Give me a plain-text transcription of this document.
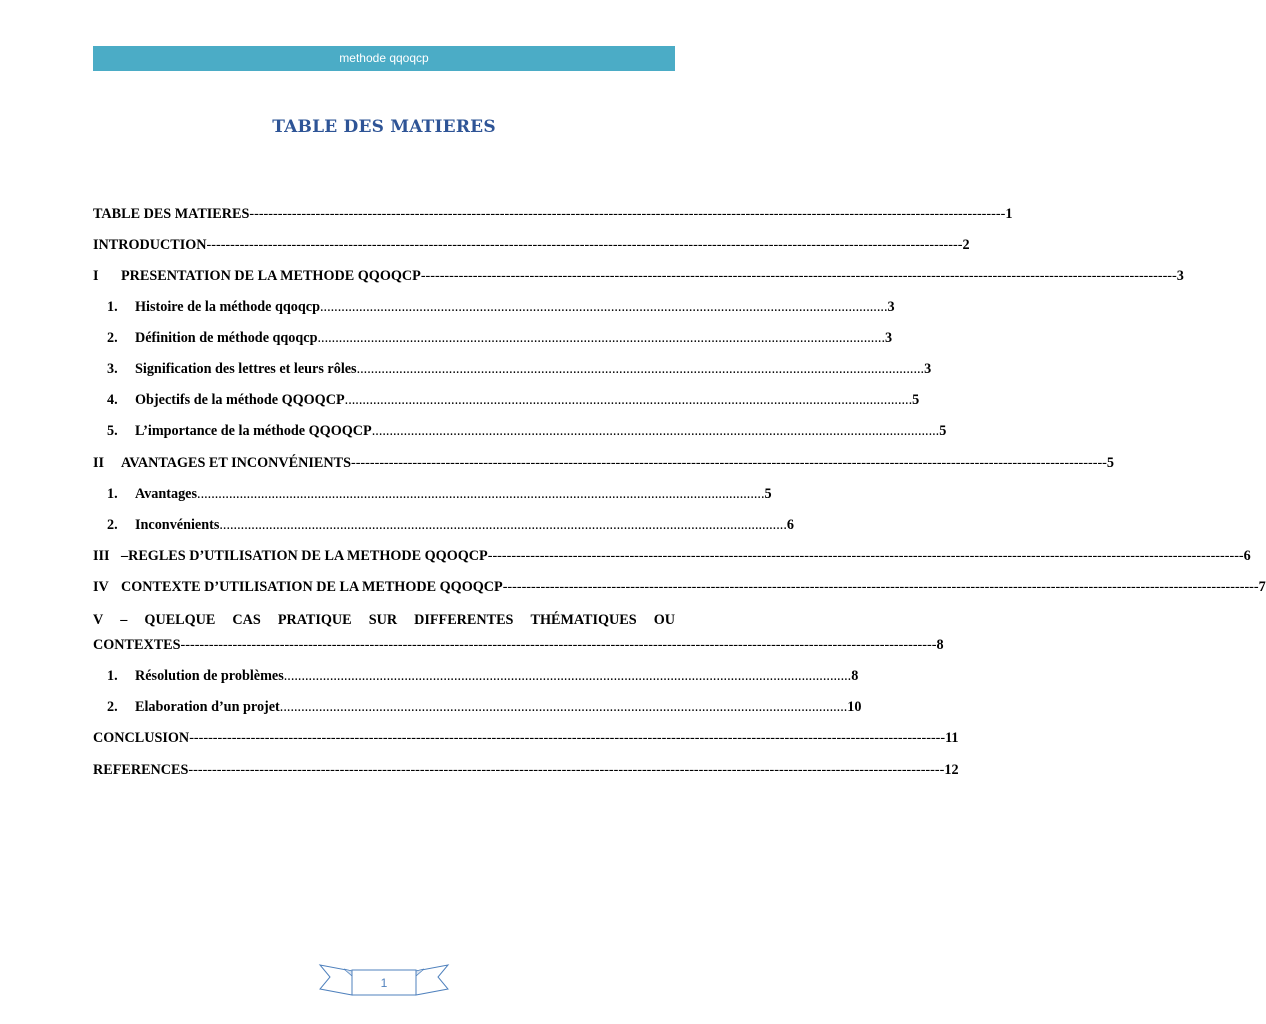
methode qqoqcp
TABLE DES MATIERES
TABLE DES MATIERES ---------------------------------------------------------------------------------------------------------------------------------------------------------------- 1
INTRODUCTION ---------------------------------------------------------------------------------------------------------------------------------------------------------------- 2
I	PRESENTATION DE LA METHODE QQOQCP ---------------------------------------------------------------------------------------------------------------------------------------------------------------- 3
1.	Histoire de la méthode qqoqcp ................................................................................................................................................................ 3
2.	Définition de méthode qqoqcp ................................................................................................................................................................ 3
3.	Signification des lettres et leurs rôles ................................................................................................................................................................ 3
4.	Objectifs de la méthode QQOQCP ................................................................................................................................................................ 5
5.	L’importance de la méthode QQOQCP ................................................................................................................................................................ 5
II	AVANTAGES ET INCONVÉNIENTS ---------------------------------------------------------------------------------------------------------------------------------------------------------------- 5
1.	Avantages ................................................................................................................................................................ 5
2.	Inconvénients ................................................................................................................................................................ 6
III –REGLES D’UTILISATION DE LA METHODE QQOQCP ---------------------------------------------------------------------------------------------------------------------------------------------------------------- 6
IV CONTEXTE D’UTILISATION DE LA METHODE QQOQCP ---------------------------------------------------------------------------------------------------------------------------------------------------------------- 7
V – QUELQUE CAS PRATIQUE SUR DIFFERENTES THÉMATIQUES OU
CONTEXTES ---------------------------------------------------------------------------------------------------------------------------------------------------------------- 8
1.	Résolution de problèmes ................................................................................................................................................................ 8
2.	Elaboration d’un projet ................................................................................................................................................................ 10
CONCLUSION ---------------------------------------------------------------------------------------------------------------------------------------------------------------- 11
REFERENCES ---------------------------------------------------------------------------------------------------------------------------------------------------------------- 12
1
